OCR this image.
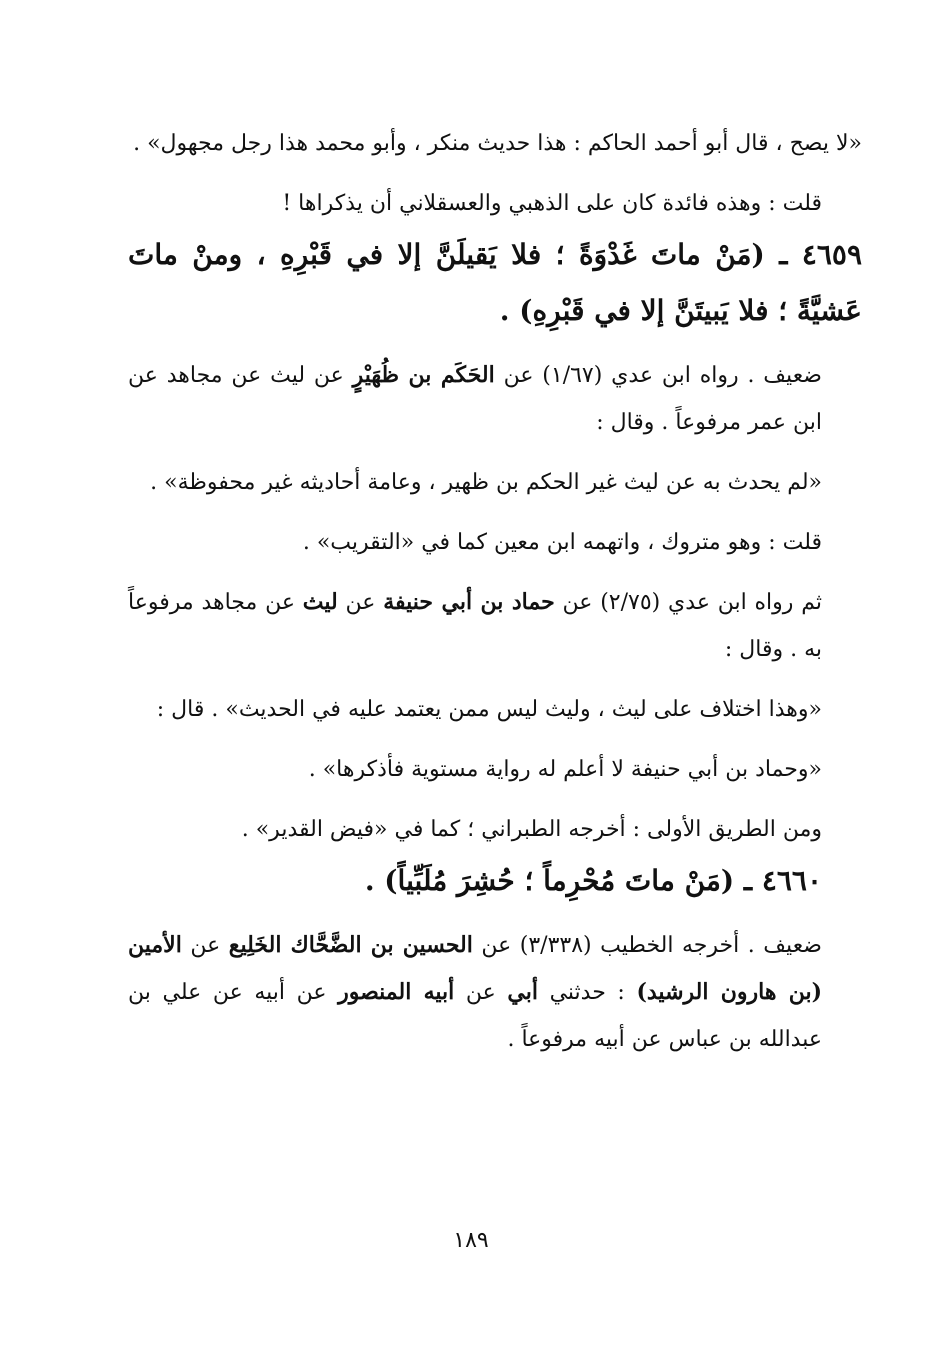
«لا يصح ، قال أبو أحمد الحاكم : هذا حديث منكر ، وأبو محمد هذا رجل مجهول» .

قلت : وهذه فائدة كان على الذهبي والعسقلاني أن يذكراها !

٤٦٥٩ ـ (مَنْ ماتَ غَدْوَةً ؛ فلا يَقيلَنَّ إلا في قَبْرِهِ ، ومنْ ماتَ عَشيَّةً ؛ فلا يَبيتَنَّ إلا في قَبْرِهِ) .

ضعيف . رواه ابن عدي (١/٦٧) عن الحَكَم بن ظُهَيْرٍ عن ليث عن مجاهد عن ابن عمر مرفوعاً . وقال :

«لم يحدث به عن ليث غير الحكم بن ظهير ، وعامة أحاديثه غير محفوظة» .

قلت : وهو متروك ، واتهمه ابن معين كما في «التقريب» .

ثم رواه ابن عدي (٢/٧٥) عن حماد بن أبي حنيفة عن ليث عن مجاهد مرفوعاً به . وقال :

«وهذا اختلاف على ليث ، وليث ليس ممن يعتمد عليه في الحديث» . قال :

«وحماد بن أبي حنيفة لا أعلم له رواية مستوية فأذكرها» .

ومن الطريق الأولى : أخرجه الطبراني ؛ كما في «فيض القدير» .

٤٦٦٠ ـ (مَنْ ماتَ مُحْرِماً ؛ حُشِرَ مُلَبِّياً) .

ضعيف . أخرجه الخطيب (٣/٣٣٨) عن الحسين بن الضَّحَّاك الخَلِيع عن الأمين (بن هارون الرشيد) : حدثني أبي عن أبيه المنصور عن أبيه عن علي بن عبدالله بن عباس عن أبيه مرفوعاً .

١٨٩
